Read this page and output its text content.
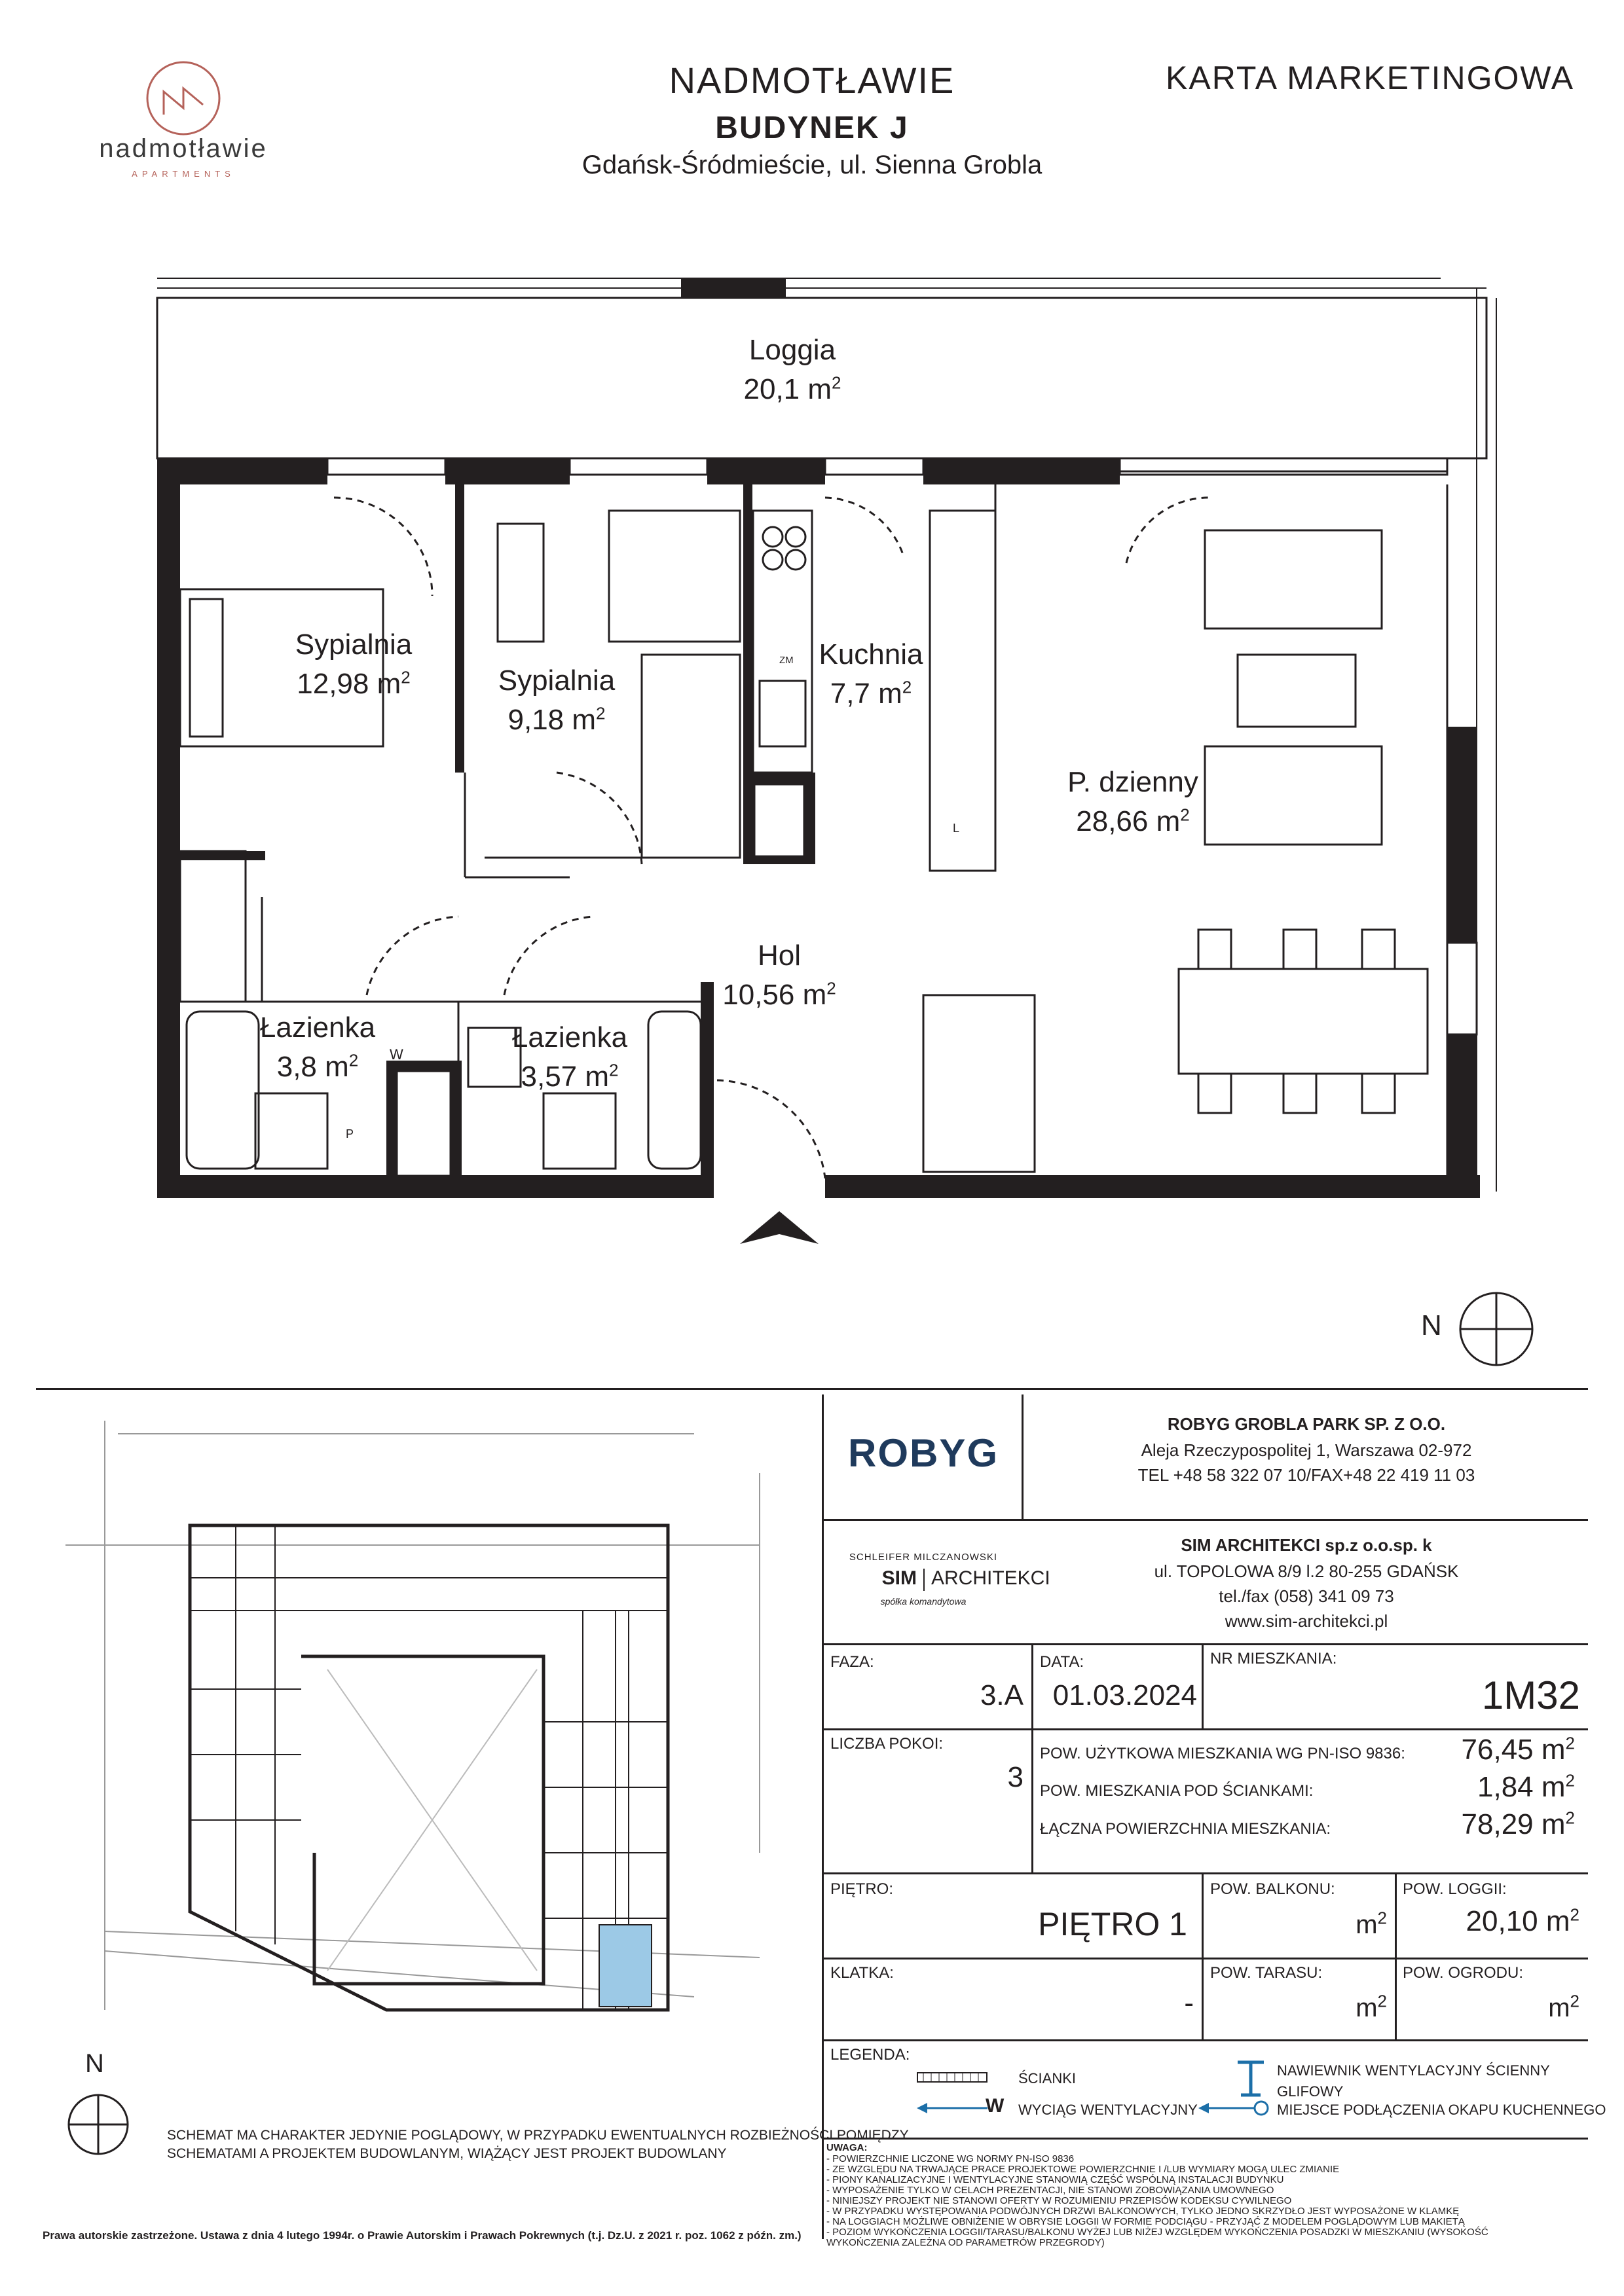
nadmotławie
APARTMENTS
NADMOTŁAWIE
BUDYNEK J
Gdańsk-Śródmieście, ul. Sienna Grobla
KARTA MARKETINGOWA
Loggia
20,1 $m^2$
Sypialnia
12,98 $m^2$	Sypialnia
9,18 $m^2$
Kuchnia
7,7 $m^2$
P. dzienny
28,66 $m^2$
Hol
10,56 $m^2$
Łazienka
3,8 $m^2$
Łazienka
3,57 $m^2$
ZM
W
P
L
N
N
ROBYG
ROBYG GROBLA PARK SP. Z O.O.
Aleja Rzeczypospolitej 1, Warszawa 02-972
TEL +48 58 322 07 10/FAX+48 22 419 11 03
SCHLEIFER MILCZANOWSKI
SIM ARCHITEKCI
spółka komandytowa
SIM ARCHITEKCI sp.z o.o.sp. k
ul. TOPOLOWA 8/9 l.2 80-255 GDAŃSK
tel./fax (058) 341 09 73
www.sim-architekci.pl
FAZA:
3.A
DATA:
01.03.2024
NR MIESZKANIA:
1M32
LICZBA POKOI:
3
POW. UŻYTKOWA MIESZKANIA WG PN-ISO 9836:	76,45 $m^2$
POW. MIESZKANIA POD ŚCIANKAMI:	1,84 $m^2$
ŁĄCZNA POWIERZCHNIA MIESZKANIA:	78,29 $m^2$
PIĘTRO:
PIĘTRO 1
POW. BALKONU:
$m^2$
POW. LOGGII:
20,10 $m^2$
KLATKA:
-
POW. TARASU:
$m^2$
POW. OGRODU:
$m^2$
LEGENDA:
ŚCIANKI
W WYCIĄG WENTYLACYJNY
NAWIEWNIK WENTYLACYJNY ŚCIENNY
GLIFOWY
MIEJSCE PODŁĄCZENIA OKAPU KUCHENNEGO
UWAGA:
- POWIERZCHNIE LICZONE WG NORMY PN-ISO 9836
- ZE WZGLĘDU NA TRWAJĄCE PRACE PROJEKTOWE POWIERZCHNIE I /LUB WYMIARY MOGĄ ULEC ZMIANIE
- PIONY KANALIZACYJNE I WENTYLACYJNE STANOWIĄ CZĘŚĆ WSPÓLNĄ INSTALACJI BUDYNKU
- WYPOSAŻENIE TYLKO W CELACH PREZENTACJI, NIE STANOWI ZOBOWIĄZANIA UMOWNEGO
- NINIEJSZY PROJEKT NIE STANOWI OFERTY W ROZUMIENIU PRZEPISÓW KODEKSU CYWILNEGO
- W PRZYPADKU WYSTĘPOWANIA PODWÓJNYCH DRZWI BALKONOWYCH, TYLKO JEDNO SKRZYDŁO JEST WYPOSAŻONE W KLAMKĘ
- NA LOGGIACH MOŻLIWE OBNIŻENIE W OBRYSIE LOGGII W FORMIE PODCIĄGU - PRZYJĄĆ Z MODELEM POGLĄDOWYM LUB MAKIETĄ
- POZIOM WYKOŃCZENIA LOGGII/TARASU/BALKONU WYŻEJ LUB NIŻEJ WZGLĘDEM WYKOŃCZENIA POSADZKI W MIESZKANIU (WYSOKOŚĆ
WYKOŃCZENIA ZALEŻNA OD PARAMETRÓW PRZEGRODY)
SCHEMAT MA CHARAKTER JEDYNIE POGLĄDOWY, W PRZYPADKU EWENTUALNYCH ROZBIEŻNOŚCI POMIĘDZY
SCHEMATAMI A PROJEKTEM BUDOWLANYM, WIĄŻĄCY JEST PROJEKT BUDOWLANY
Prawa autorskie zastrzeżone. Ustawa z dnia 4 lutego 1994r. o Prawie Autorskim i Prawach Pokrewnych (t.j. Dz.U. z 2021 r. poz. 1062 z późn. zm.)
